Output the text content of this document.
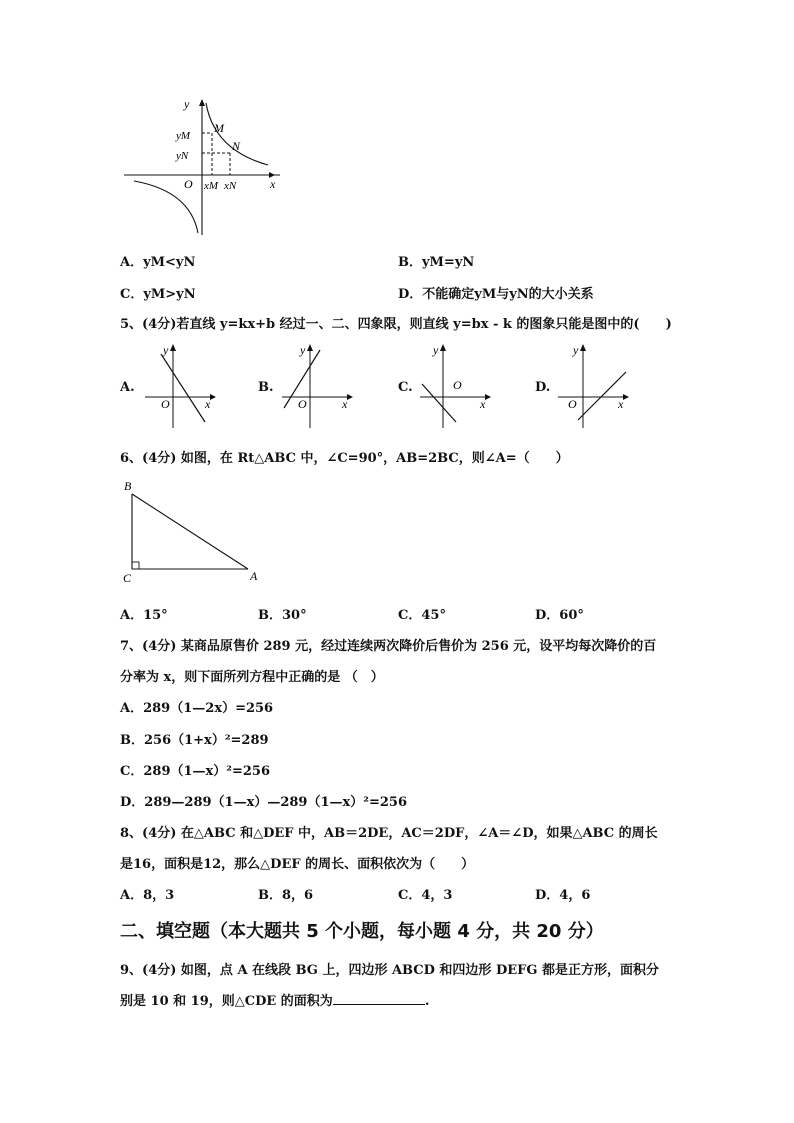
y
x
O
M
N
yM
yN
xM xN
A．yM<yN	B．yM=yN
C．yM>yN	D．不能确定yM与yN的大小关系
5、(4分)若直线 y=kx+b 经过一、二、四象限，则直线 y=bx - k 的图象只能是图中的(　　)
A.
y
x
O
B.
y
x
O
C.
y
x
O	D.
y
x
O
6、(4分) 如图，在 Rt△ABC 中，∠C=90°，AB=2BC，则∠A=（　　）
B
C	A
A．15°	B．30°	C．45°	D．60°
7、(4分) 某商品原售价 289 元，经过连续两次降价后售价为 256 元，设平均每次降价的百
分率为 x，则下面所列方程中正确的是 （　）
A．289（1—2x）=256
B．256（1+x）²=289
C．289（1—x）²=256
D．289—289（1—x）—289（1—x）²=256
8、(4分) 在△ABC 和△DEF 中，AB＝2DE，AC＝2DF，∠A＝∠D，如果△ABC 的周长
是16，面积是12，那么△DEF 的周长、面积依次为（　　）
A．8，3	B．8，6	C．4，3	D．4，6
二、填空题（本大题共 5 个小题，每小题 4 分，共 20 分）
9、(4分) 如图，点 A 在线段 BG 上，四边形 ABCD 和四边形 DEFG 都是正方形，面积分
别是 10 和 19，则△CDE 的面积为	.
